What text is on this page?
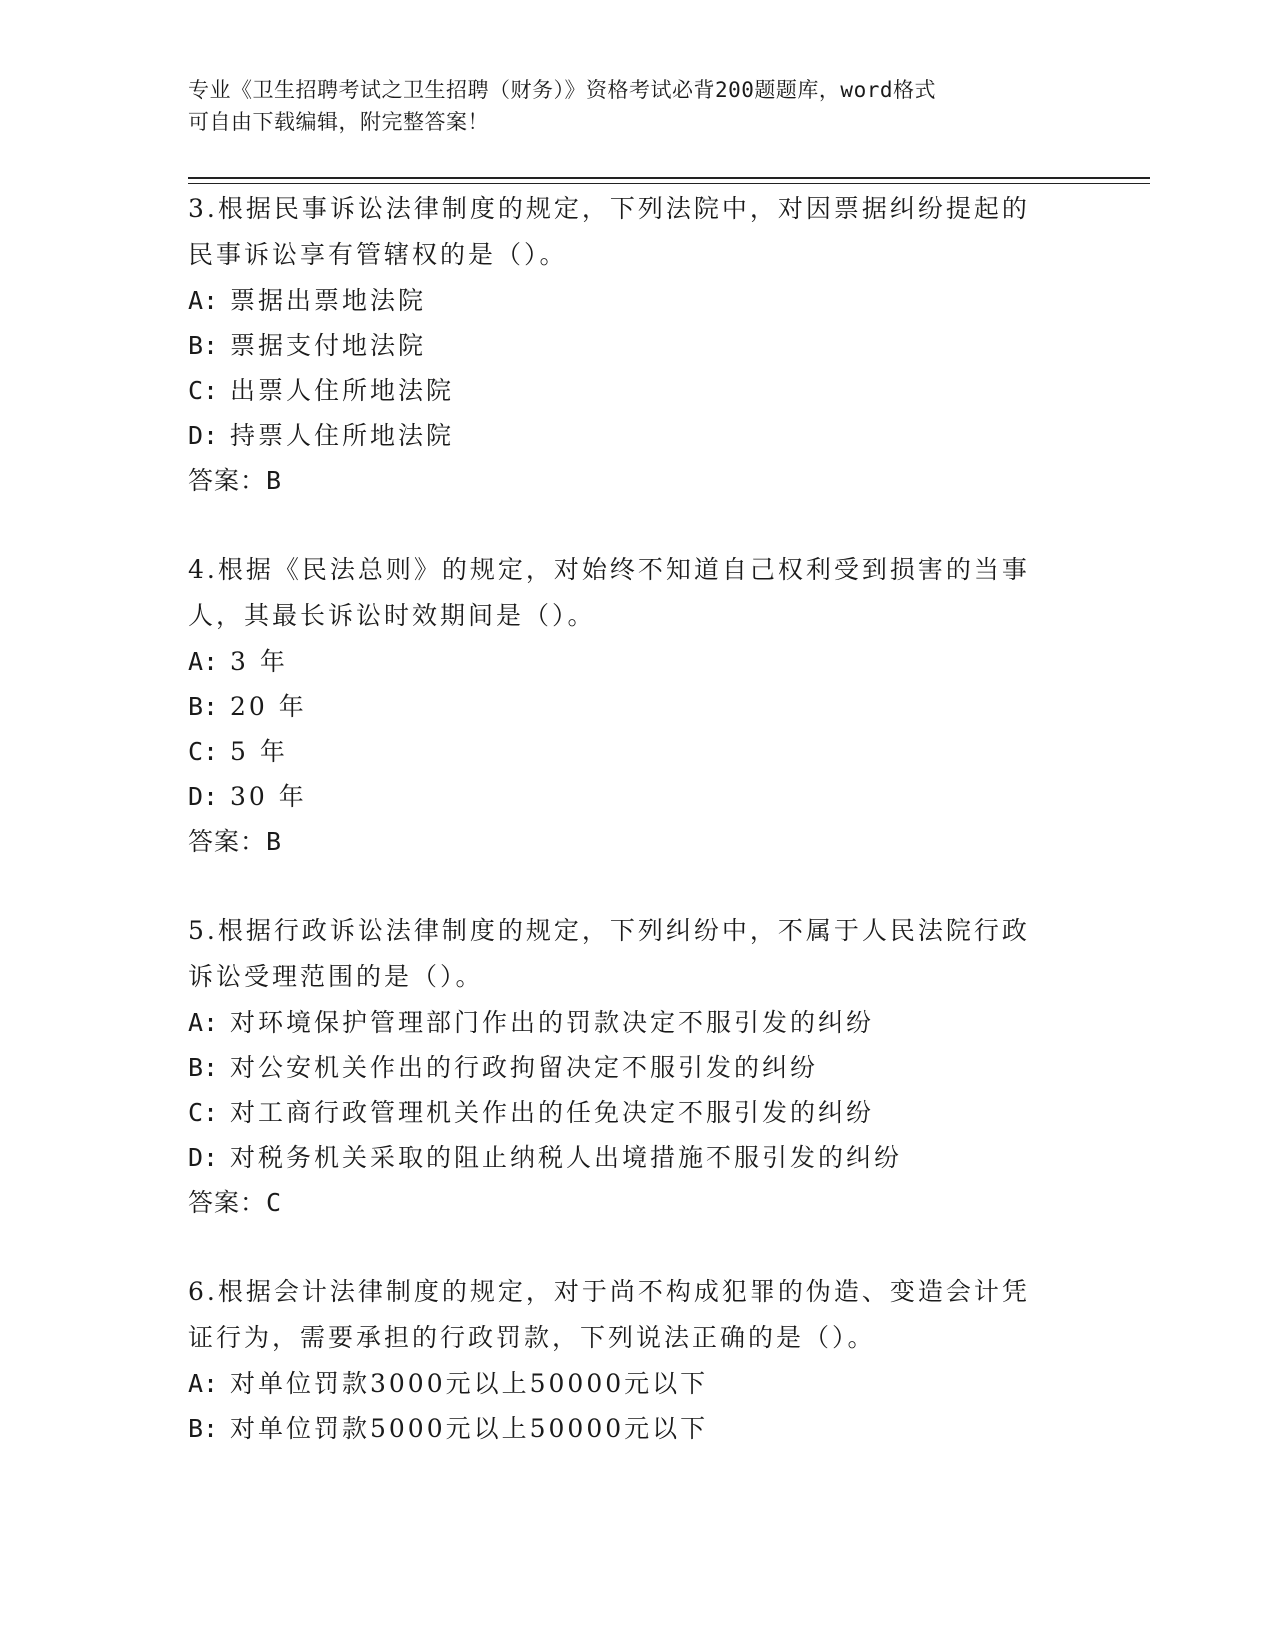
专业《卫生招聘考试之卫生招聘（财务）》资格考试必背200题题库，word格式
可自由下载编辑，附完整答案！
3.根据民事诉讼法律制度的规定，下列法院中，对因票据纠纷提起的
民事诉讼享有管辖权的是（）。
A: 票据出票地法院
B: 票据支付地法院
C: 出票人住所地法院
D: 持票人住所地法院
答案：B
4.根据《民法总则》的规定，对始终不知道自己权利受到损害的当事
人，其最长诉讼时效期间是（）。
A: 3 年
B: 20 年
C: 5 年
D: 30 年
答案：B
5.根据行政诉讼法律制度的规定，下列纠纷中，不属于人民法院行政
诉讼受理范围的是（）。
A: 对环境保护管理部门作出的罚款决定不服引发的纠纷
B: 对公安机关作出的行政拘留决定不服引发的纠纷
C: 对工商行政管理机关作出的任免决定不服引发的纠纷
D: 对税务机关采取的阻止纳税人出境措施不服引发的纠纷
答案：C
6.根据会计法律制度的规定，对于尚不构成犯罪的伪造、变造会计凭
证行为，需要承担的行政罚款，下列说法正确的是（）。
A: 对单位罚款3000元以上50000元以下
B: 对单位罚款5000元以上50000元以下
